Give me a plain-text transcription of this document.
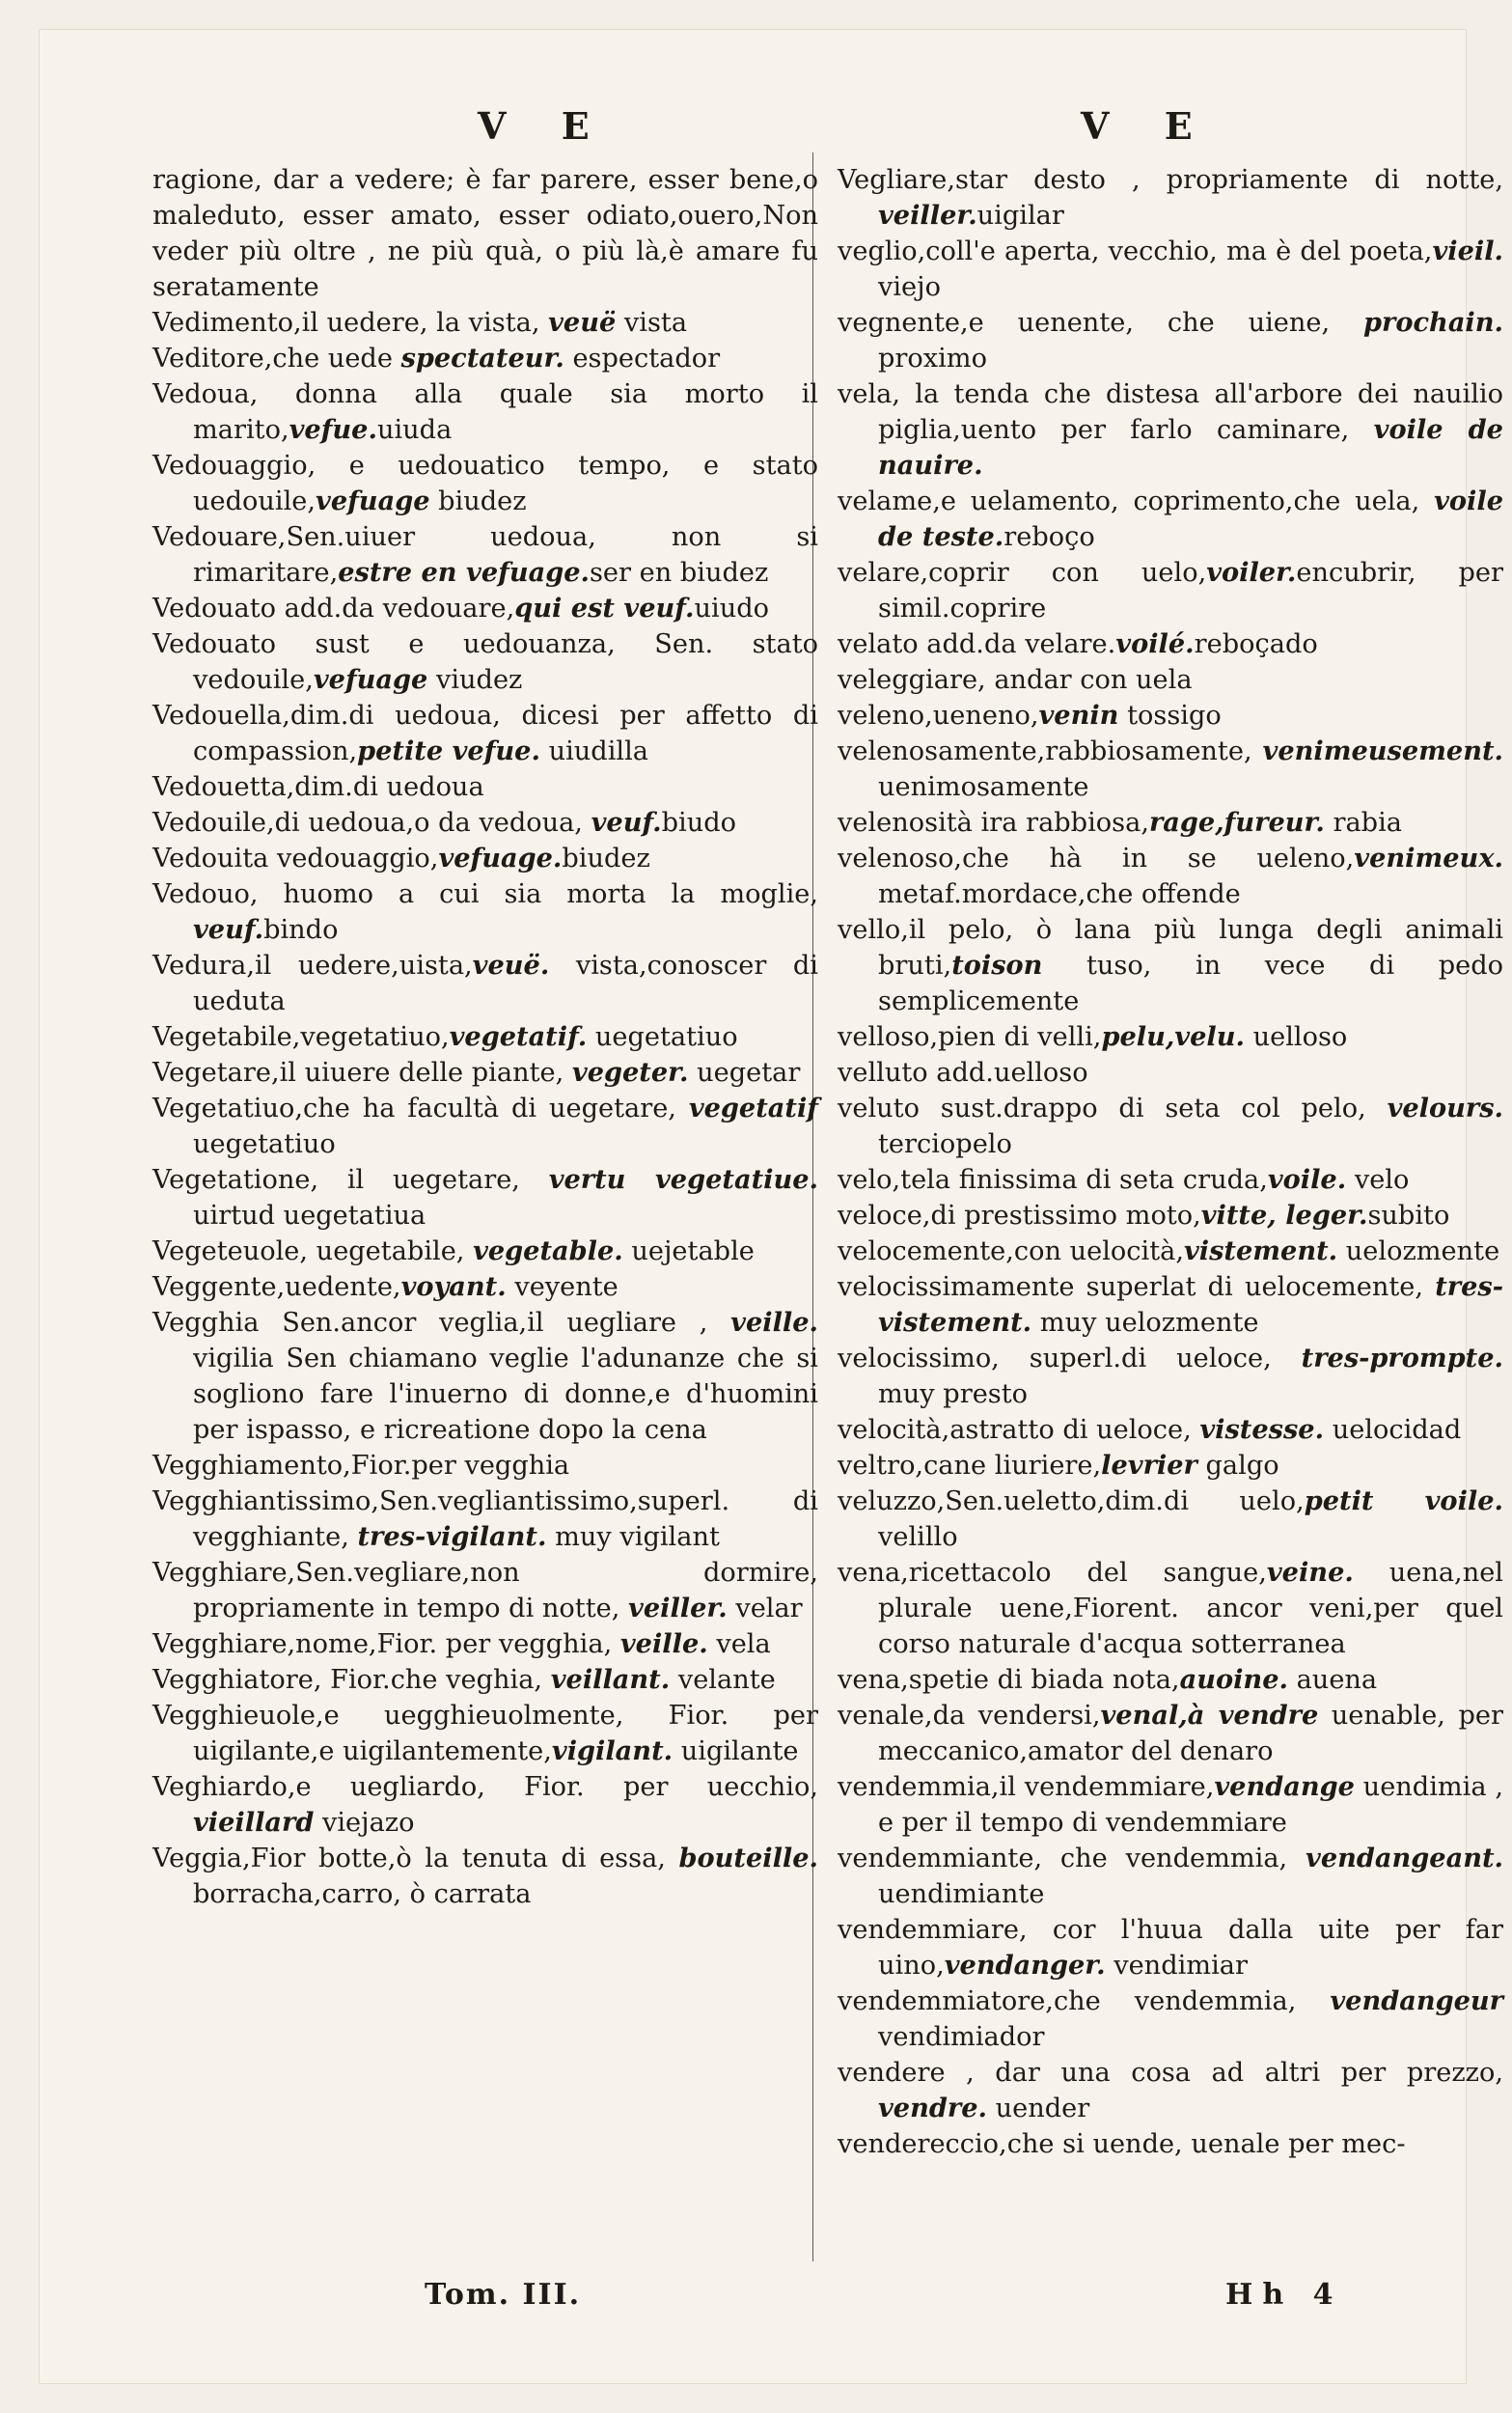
V E	V E
ragione, dar a vedere; è far parere, esser bene,o maleduto, esser amato, esser odiato,ouero,Non veder più oltre , ne più quà, o più là,è amare fu seratamente
Vedimento,il uedere, la vista, veuë vista
Veditore,che uede spectateur. espectador
Vedoua, donna alla quale sia morto il marito,vefue.uiuda
Vedouaggio, e uedouatico tempo, e stato uedouile,vefuage biudez
Vedouare,Sen.uiuer uedoua, non si rimaritare,estre en vefuage.ser en biudez
Vedouato add.da vedouare,qui est veuf.uiudo
Vedouato sust e uedouanza, Sen. stato vedouile,vefuage viudez
Vedouella,dim.di uedoua, dicesi per affetto di compassion,petite vefue. uiudilla
Vedouetta,dim.di uedoua
Vedouile,di uedoua,o da vedoua, veuf.biudo
Vedouita vedouaggio,vefuage.biudez
Vedouo, huomo a cui sia morta la moglie, veuf.bindo
Vedura,il uedere,uista,veuë. vista,conoscer di ueduta
Vegetabile,vegetatiuo,vegetatif. uegetatiuo
Vegetare,il uiuere delle piante, vegeter. uegetar
Vegetatiuo,che ha facultà di uegetare, vegetatif uegetatiuo
Vegetatione, il uegetare, vertu vegetatiue. uirtud uegetatiua
Vegeteuole, uegetabile, vegetable. uejetable
Veggente,uedente,voyant. veyente
Vegghia Sen.ancor veglia,il uegliare , veille. vigilia Sen chiamano veglie l'adunanze che si sogliono fare l'inuerno di donne,e d'huomini per ispasso, e ricreatione dopo la cena
Vegghiamento,Fior.per vegghia
Vegghiantissimo,Sen.vegliantissimo,superl. di vegghiante, tres-vigilant. muy vigilant
Vegghiare,Sen.vegliare,non dormire, propriamente in tempo di notte, veiller. velar
Vegghiare,nome,Fior. per vegghia, veille. vela
Vegghiatore, Fior.che veghia, veillant. velante
Vegghieuole,e uegghieuolmente, Fior. per uigilante,e uigilantemente,vigilant. uigilante
Veghiardo,e uegliardo, Fior. per uecchio, vieillard viejazo
Veggia,Fior botte,ò la tenuta di essa, bouteille. borracha,carro, ò carrata
Vegliare,star desto , propriamente di notte, veiller.uigilar
veglio,coll'e aperta, vecchio, ma è del poeta,vieil. viejo
vegnente,e uenente, che uiene, prochain. proximo
vela, la tenda che distesa all'arbore dei nauilio piglia,uento per farlo caminare, voile de nauire.
velame,e uelamento, coprimento,che uela, voile de teste.reboço
velare,coprir con uelo,voiler.encubrir, per simil.coprire
velato add.da velare.voilé.reboçado
veleggiare, andar con uela
veleno,ueneno,venin tossigo
velenosamente,rabbiosamente, venimeusement. uenimosamente
velenosità ira rabbiosa,rage,fureur. rabia
velenoso,che hà in se ueleno,venimeux. metaf.mordace,che offende
vello,il pelo, ò lana più lunga degli animali bruti,toison tuso, in vece di pedo semplicemente
velloso,pien di velli,pelu,velu. uelloso
velluto add.uelloso
veluto sust.drappo di seta col pelo, velours. terciopelo
velo,tela finissima di seta cruda,voile. velo
veloce,di prestissimo moto,vitte, leger.subito
velocemente,con uelocità,vistement. uelozmente
velocissimamente superlat di uelocemente, tres-vistement. muy uelozmente
velocissimo, superl.di ueloce, tres-prompte. muy presto
velocità,astratto di ueloce, vistesse. uelocidad
veltro,cane liuriere,levrier galgo
veluzzo,Sen.ueletto,dim.di uelo,petit voile. velillo
vena,ricettacolo del sangue,veine. uena,nel plurale uene,Fiorent. ancor veni,per quel corso naturale d'acqua sotterranea
vena,spetie di biada nota,auoine. auena
venale,da vendersi,venal,à vendre uenable, per meccanico,amator del denaro
vendemmia,il vendemmiare,vendange uendimia , e per il tempo di vendemmiare
vendemmiante, che vendemmia, vendangeant. uendimiante
vendemmiare, cor l'huua dalla uite per far uino,vendanger. vendimiar
vendemmiatore,che vendemmia, vendangeur vendimiador
vendere , dar una cosa ad altri per prezzo, vendre. uender
vendereccio,che si uende, uenale per mec-
Tom. III.	Hh 4
